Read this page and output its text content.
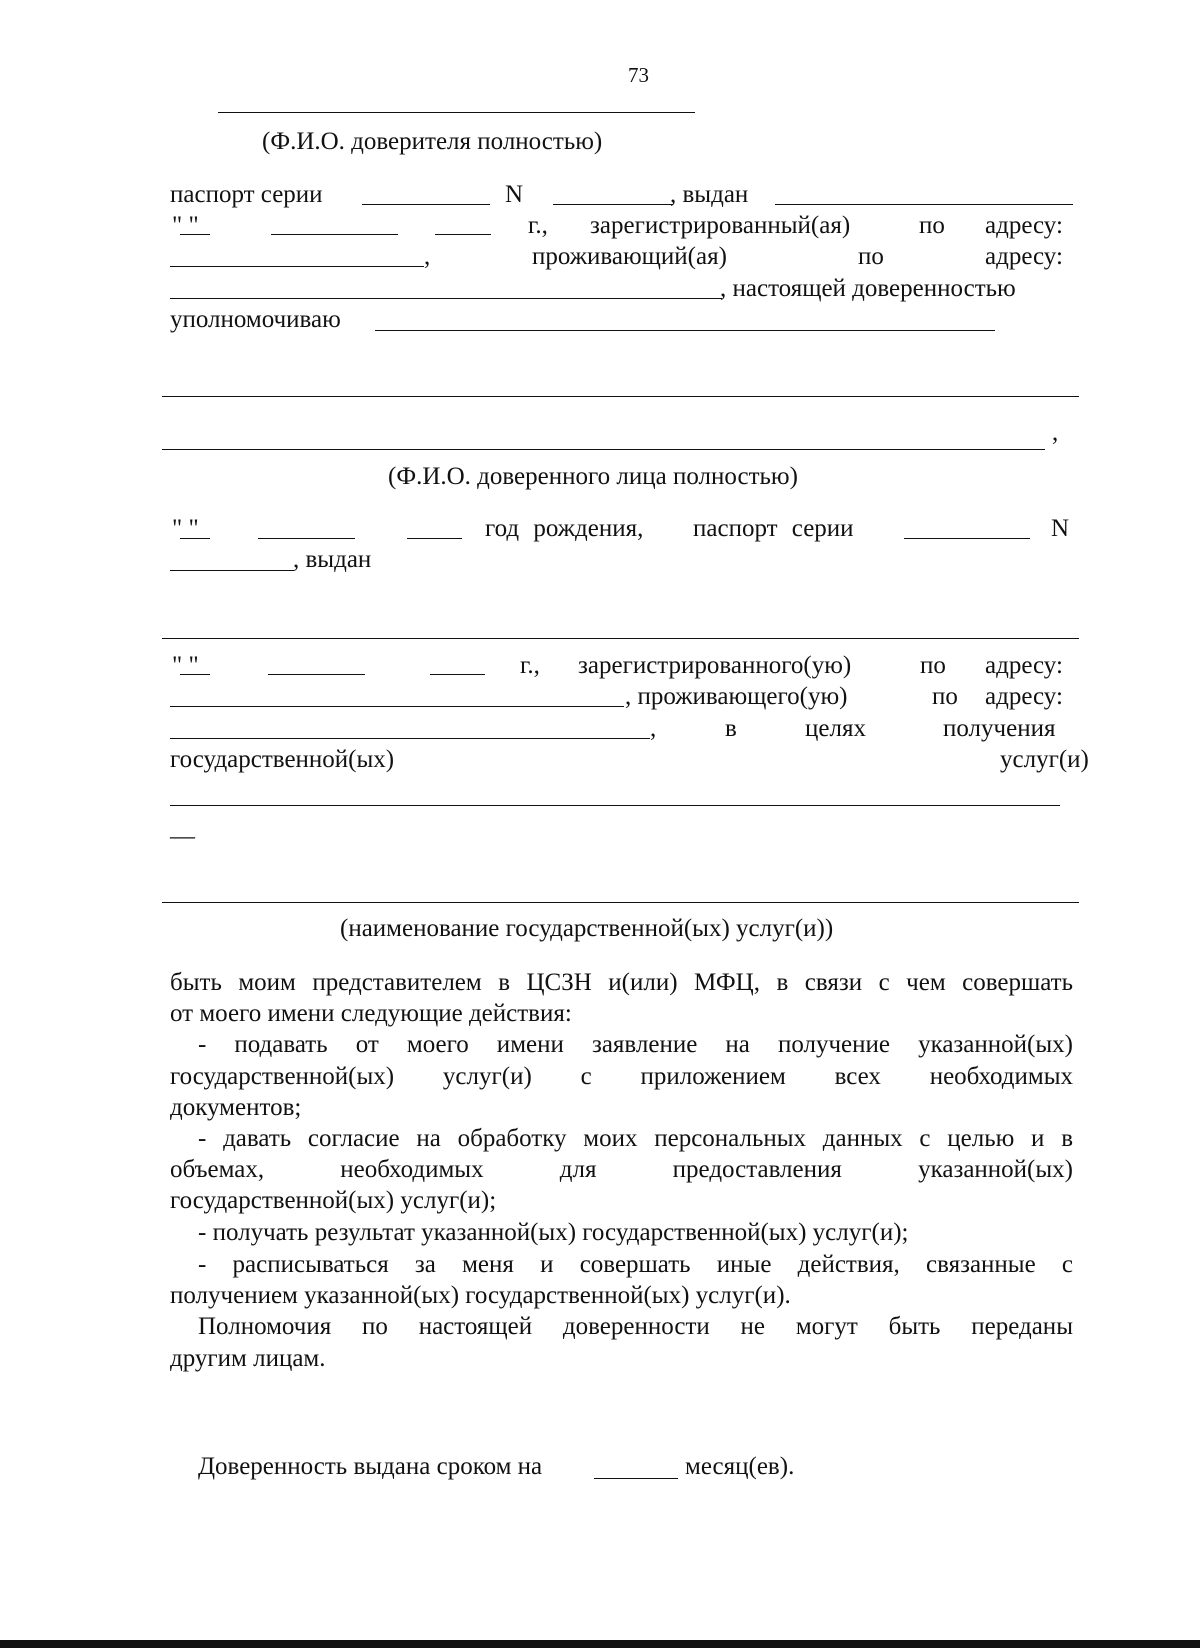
73
(Ф.И.О. доверителя полностью)
паспорт серии	N	, выдан
" "	г., зарегистрированный(ая)	по адресу:
,	проживающий(ая)	по	адресу:
, настоящей доверенностью
уполномочиваю
,
(Ф.И.О. доверенного лица полностью)
" "	год рождения, паспорт серии	N
, выдан
" "	г., зарегистрированного(ую)	по адресу:
, проживающего(ую)	по адресу:
,	в	целях	получения
государственной(ых)	услуг(и)
—
(наименование государственной(ых) услуг(и))
быть моим представителем в ЦСЗН и(или) МФЦ, в связи с чем совершать
от моего имени следующие действия:
- подавать от моего имени заявление на получение указанной(ых)
государственной(ых) услуг(и) с приложением всех необходимых
документов;
- давать согласие на обработку моих персональных данных с целью и в
объемах, необходимых для предоставления указанной(ых)
государственной(ых) услуг(и);
- получать результат указанной(ых) государственной(ых) услуг(и);
- расписываться за меня и совершать иные действия, связанные с
получением указанной(ых) государственной(ых) услуг(и).
Полномочия по настоящей доверенности не могут быть переданы
другим лицам.
Доверенность выдана сроком на	месяц(ев).
